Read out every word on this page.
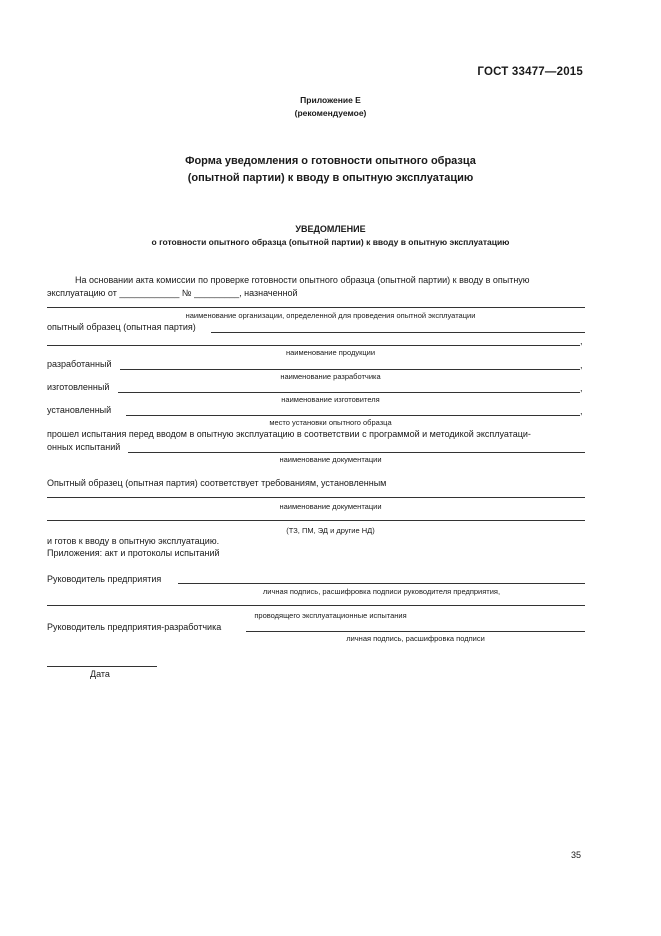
ГОСТ 33477—2015
Приложение Е
(рекомендуемое)
Форма уведомления о готовности опытного образца
(опытной партии) к вводу в опытную эксплуатацию
УВЕДОМЛЕНИЕ
о готовности опытного образца (опытной партии) к вводу в опытную эксплуатацию
На основании акта комиссии по проверке готовности опытного образца (опытной партии) к вводу в опытную
эксплуатацию от ____________ № _________, назначенной
наименование организации, определенной для проведения опытной эксплуатации
опытный образец (опытная партия)
,
наименование продукции
разработанный	,
наименование разработчика
изготовленный	,
наименование изготовителя
установленный	,
место установки опытного образца
прошел испытания перед вводом в опытную эксплуатацию в соответствии с программой и методикой эксплуатаци-
онных испытаний
наименование документации
Опытный образец (опытная партия) соответствует требованиям, установленным
наименование документации
(ТЗ, ПМ, ЭД и другие НД)
и готов к вводу в опытную эксплуатацию.
Приложения: акт и протоколы испытаний
Руководитель предприятия
личная подпись, расшифровка подписи руководителя предприятия,
проводящего эксплуатационные испытания
Руководитель предприятия-разработчика
личная подпись, расшифровка подписи
Дата
35
